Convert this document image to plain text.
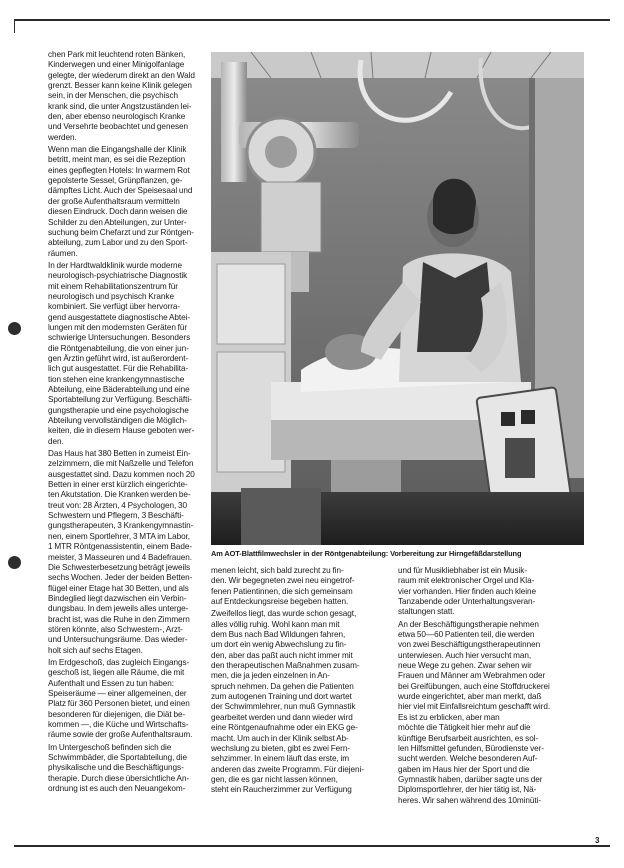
chen Park mit leuchtend roten Bänken,
Kinderwegen und einer Minigolfanlage
gelegte, der wiederum direkt an den Wald
grenzt. Besser kann keine Klinik gelegen
sein, in der Menschen, die psychisch
krank sind, die unter Angstzuständen lei-
den, aber ebenso neurologisch Kranke
und Versehrte beobachtet und genesen
werden.

Wenn man die Eingangshalle der Klinik
betritt, meint man, es sei die Rezeption
eines gepflegten Hotels: In warmem Rot
gepolsterte Sessel, Grünpflanzen, ge-
dämpftes Licht. Auch der Speisesaal und
der große Aufenthaltsraum vermitteln
diesen Eindruck. Doch dann weisen die
Schilder zu den Abteilungen, zur Unter-
suchung beim Chefarzt und zur Röntgen-
abteilung, zum Labor und zu den Sport-
räumen.

In der Hardtwaldklinik wurde moderne
neurologisch-psychiatrische Diagnostik
mit einem Rehabilitationszentrum für
neurologisch und psychisch Kranke
kombiniert. Sie verfügt über hervorra-
gend ausgestattete diagnostische Abtei-
lungen mit den modernsten Geräten für
schwierige Untersuchungen. Besonders
die Röntgenabteilung, die von einer jun-
gen Ärztin geführt wird, ist außerordent-
lich gut ausgestattet. Für die Rehabilita-
tion stehen eine krankengymnastische
Abteilung, eine Bäderabteilung und eine
Sportabteilung zur Verfügung. Beschäfti-
gungstherapie und eine psychologische
Abteilung vervollständigen die Möglich-
keiten, die in diesem Hause geboten wer-
den.

Das Haus hat 380 Betten in zumeist Ein-
zelzimmern, die mit Naßzelle und Telefon
ausgestattet sind. Dazu kommen noch 20
Betten in einer erst kürzlich eingerichte-
ten Akutstation. Die Kranken werden be-
treut von: 28 Ärzten, 4 Psychologen, 30
Schwestern und Pflegern, 3 Beschäfti-
gungstherapeuten, 3 Krankengymnastin-
nen, einem Sportlehrer, 3 MTA im Labor,
1 MTR Röntgenassistentin, einem Bade-
meister, 3 Masseuren und 4 Badefrauen.
Die Schwesterbesetzung beträgt jeweils
sechs Wochen. Jeder der beiden Betten-
flügel einer Etage hat 30 Betten, und als
Bindeglied liegt dazwischen ein Verbin-
dungsbau. In dem jeweils alles unterge-
bracht ist, was die Ruhe in den Zimmern
stören könnte, also Schwestern-, Arzt-
und Untersuchungsräume. Das wieder-
holt sich auf sechs Etagen.

Im Erdgeschoß, das zugleich Eingangs-
geschoß ist, liegen alle Räume, die mit
Aufenthalt und Essen zu tun haben:
Speiseräume — einer allgemeinen, der
Platz für 360 Personen bietet, und einen
besonderen für diejenigen, die Diät be-
kommen —, die Küche und Wirtschafts-
räume sowie der große Aufenthaltsraum.

Im Untergeschoß befinden sich die
Schwimmbäder, die Sportabteilung, die
physikalische und die Beschäftigungs-
therapie. Durch diese übersichtliche An-
ordnung ist es auch den Neuangekom-

Am AOT-Blattfilmwechsler in der Röntgenabteilung: Vorbereitung zur Hirngefäßdarstellung

menen leicht, sich bald zurecht zu fin-
den. Wir begegneten zwei neu eingetrof-
fenen Patientinnen, die sich gemeinsam
auf Entdeckungsreise begeben hatten.

Zweifellos liegt, das wurde schon gesagt,
alles völlig ruhig. Wohl kann man mit
dem Bus nach Bad Wildungen fahren,
um dort ein wenig Abwechslung zu fin-
den, aber das paßt auch nicht immer mit
den therapeutischen Maßnahmen zusam-
men, die ja jeden einzelnen in An-
spruch nehmen. Da gehen die Patienten
zum autogenen Training und dort wartet
der Schwimmlehrer, nun muß Gymnastik
gearbeitet werden und dann wieder wird
eine Röntgenaufnahme oder ein EKG ge-
macht. Um auch in der Klinik selbst Ab-
wechslung zu bieten, gibt es zwei Fern-
sehzimmer. In einem läuft das erste, im
anderen das zweite Programm. Für diejeni-
gen, die es gar nicht lassen können,
steht ein Raucherzimmer zur Verfügung

und für Musikliebhaber ist ein Musik-
raum mit elektronischer Orgel und Kla-
vier vorhanden. Hier finden auch kleine
Tanzabende oder Unterhaltungsveran-
staltungen statt.

An der Beschäftigungstherapie nehmen
etwa 50—60 Patienten teil, die werden
von zwei Beschäftigungstherapeutinnen
unterwiesen. Auch hier versucht man,
neue Wege zu gehen. Zwar sehen wir
Frauen und Männer am Webrahmen oder
bei Greifübungen, auch eine Stoffdruckerei
wurde eingerichtet, aber man merkt, daß
hier viel mit Einfallsreichtum geschafft wird.
Es ist zu erblicken, aber man
möchte die Tätigkeit hier mehr auf die
künftige Berufsarbeit ausrichten, es sol-
len Hilfsmittel gefunden, Bürodienste ver-
sucht werden. Welche besonderen Auf-
gaben im Haus hier der Sport und die
Gymnastik haben, darüber sagte uns der
Diplomsportlehrer, der hier tätig ist, Nä-
heres. Wir sahen während des 10minüti-

3
